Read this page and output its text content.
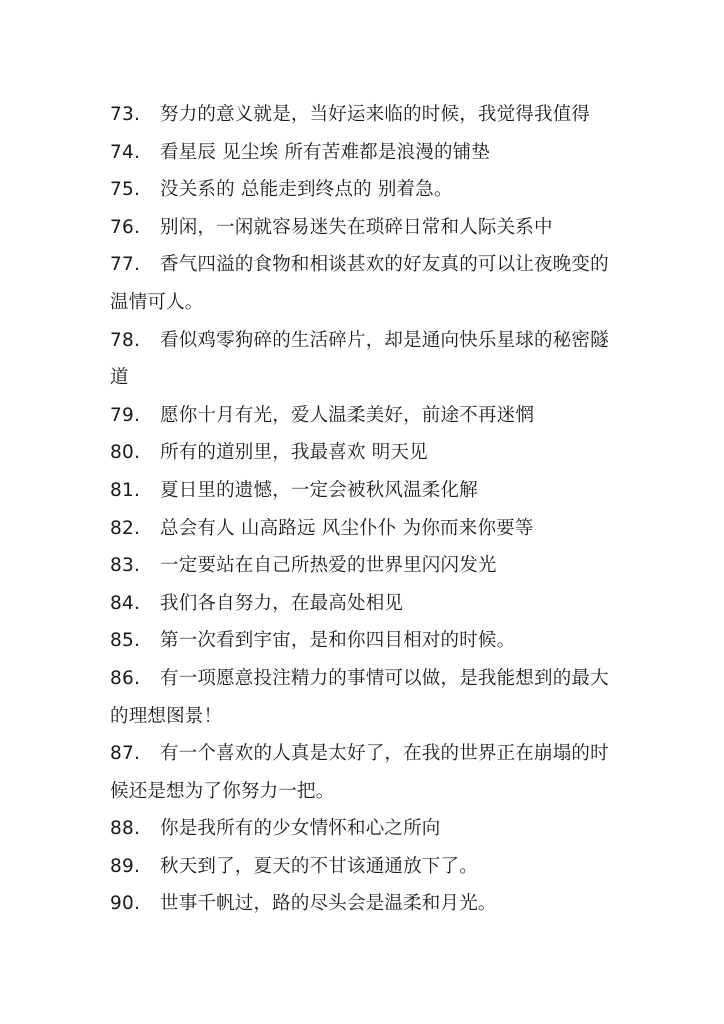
73. 努力的意义就是，当好运来临的时候，我觉得我值得

74. 看星辰 见尘埃 所有苦难都是浪漫的铺垫

75. 没关系的 总能走到终点的 别着急。

76. 别闲，一闲就容易迷失在琐碎日常和人际关系中

77. 香气四溢的食物和相谈甚欢的好友真的可以让夜晚变的温情可人。

78. 看似鸡零狗碎的生活碎片，却是通向快乐星球的秘密隧道

79. 愿你十月有光，爱人温柔美好，前途不再迷惘

80. 所有的道别里，我最喜欢 明天见

81. 夏日里的遗憾，一定会被秋风温柔化解

82. 总会有人 山高路远 风尘仆仆 为你而来你要等

83. 一定要站在自己所热爱的世界里闪闪发光

84. 我们各自努力，在最高处相见

85. 第一次看到宇宙，是和你四目相对的时候。

86. 有一项愿意投注精力的事情可以做，是我能想到的最大的理想图景！

87. 有一个喜欢的人真是太好了，在我的世界正在崩塌的时候还是想为了你努力一把。

88. 你是我所有的少女情怀和心之所向

89. 秋天到了，夏天的不甘该通通放下了。

90. 世事千帆过，路的尽头会是温柔和月光。
